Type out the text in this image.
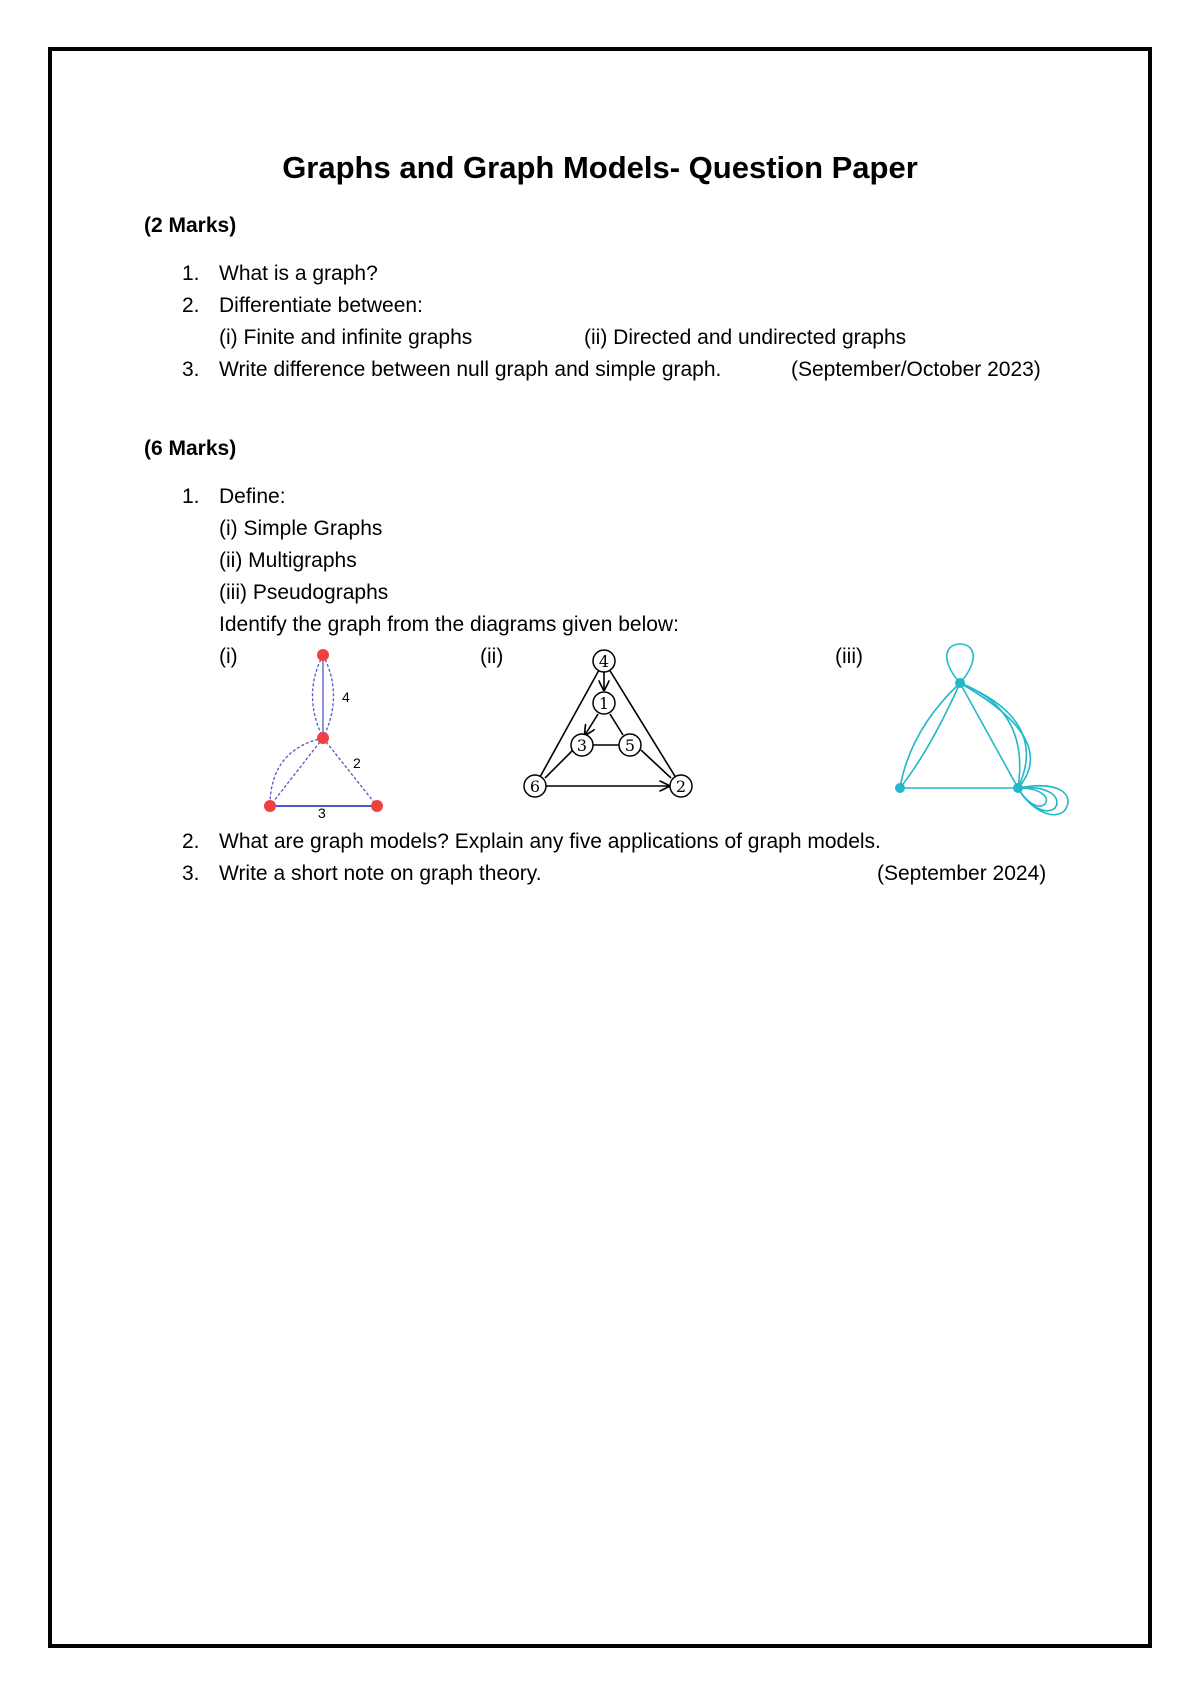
Graphs and Graph Models- Question Paper
(2 Marks)
1. What is a graph?
2. Differentiate between:
(i) Finite and infinite graphs	(ii) Directed and undirected graphs
3. Write difference between null graph and simple graph.	(September/October 2023)
(6 Marks)
1. Define:
(i) Simple Graphs
(ii) Multigraphs
(iii) Pseudographs
Identify the graph from the diagrams given below:
(i)	(ii)	(iii)
4
2
3
4
1
3 5
6	2
2. What are graph models? Explain any five applications of graph models.
3. Write a short note on graph theory.	(September 2024)
